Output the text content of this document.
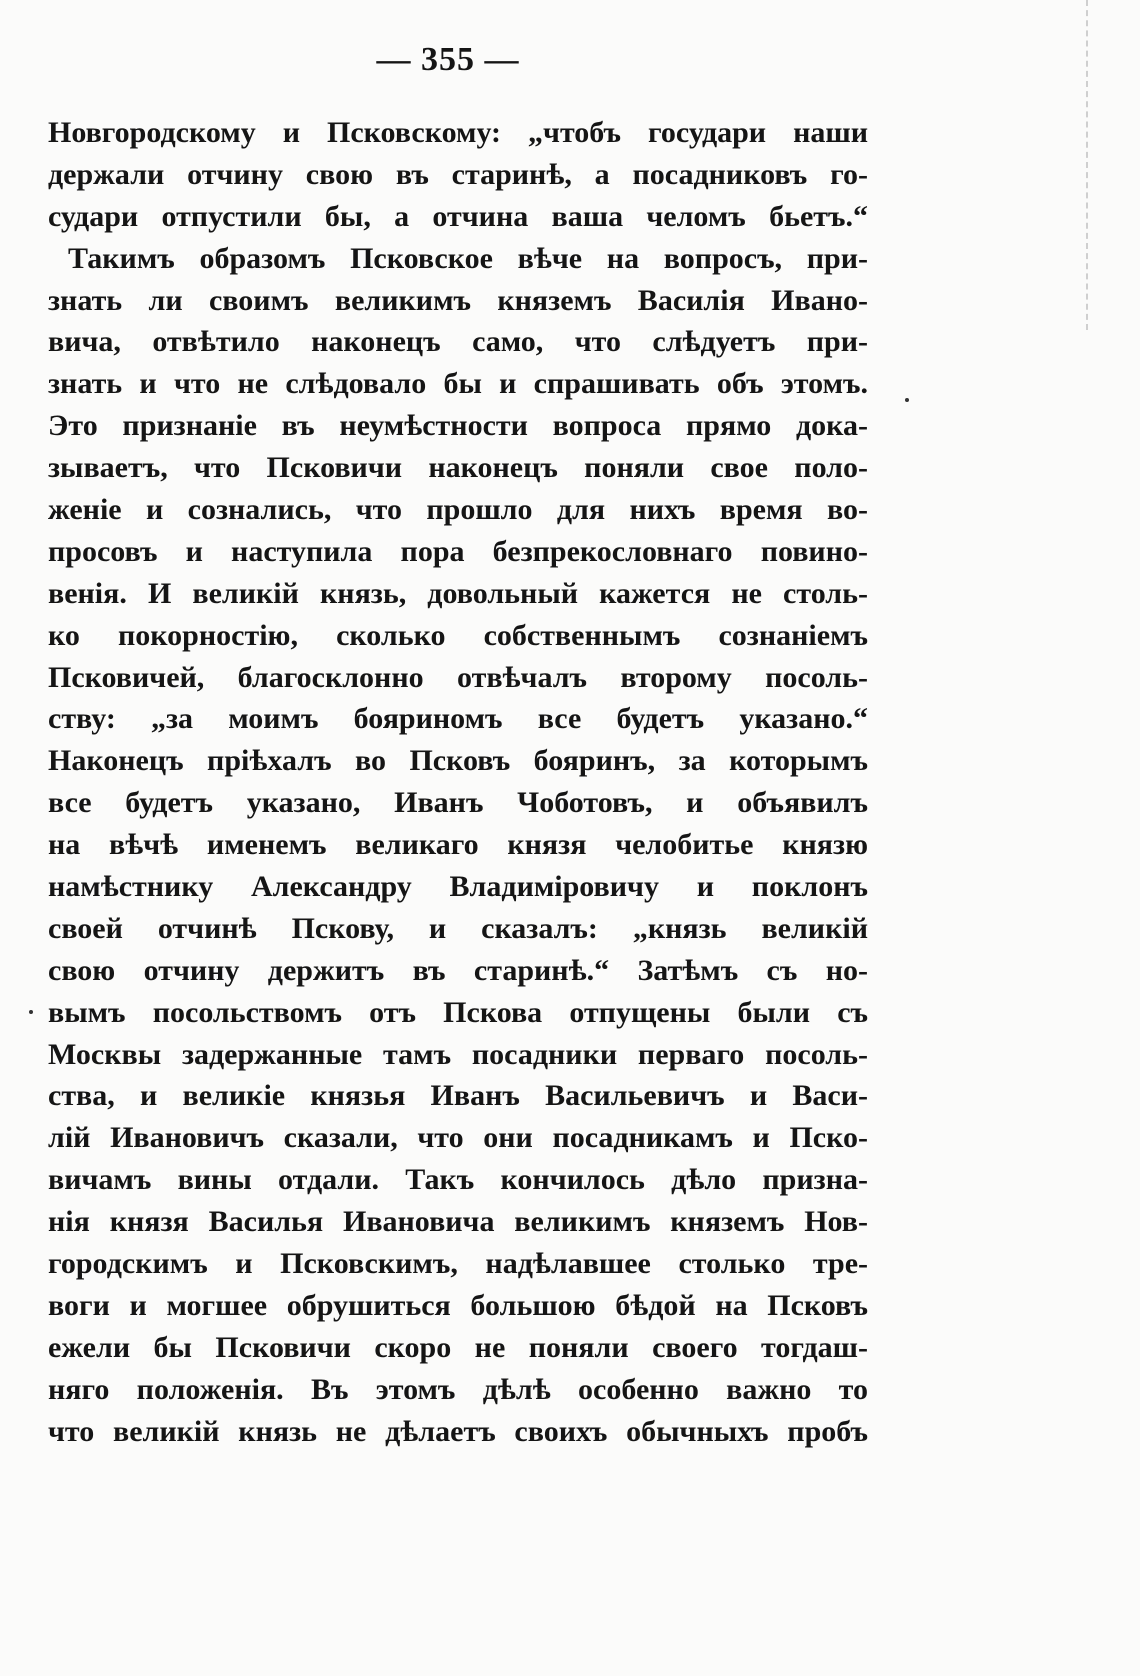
— 355 —
Новгородскому и Псковскому: „чтобъ государи наши
держали отчину свою въ старинѣ, а посадниковъ го-
судари отпустили бы, а отчина ваша челомъ бьетъ.“
Такимъ образомъ Псковское вѣче на вопросъ, при-
знать ли своимъ великимъ княземъ Василія Ивано-
вича, отвѣтило наконецъ само, что слѣдуетъ при-
знать и что не слѣдовало бы и спрашивать объ этомъ.
Это признаніе въ неумѣстности вопроса прямо дока-
зываетъ, что Псковичи наконецъ поняли свое поло-
женіе и сознались, что прошло для нихъ время во-
просовъ и наступила пора безпрекословнаго повино-
венія. И великій князь, довольный кажется не столь-
ко покорностію, сколько собственнымъ сознаніемъ
Псковичей, благосклонно отвѣчалъ второму посоль-
ству: „за моимъ бояриномъ все будетъ указано.“
Наконецъ пріѣхалъ во Псковъ бояринъ, за которымъ
все будетъ указано, Иванъ Чоботовъ, и объявилъ
на вѣчѣ именемъ великаго князя челобитье князю
намѣстнику Александру Владиміровичу и поклонъ
своей отчинѣ Пскову, и сказалъ: „князь великій
свою отчину держитъ въ старинѣ.“ Затѣмъ съ но-
вымъ посольствомъ отъ Пскова отпущены были съ
Москвы задержанные тамъ посадники перваго посоль-
ства, и великіе князья Иванъ Васильевичъ и Васи-
лій Ивановичъ сказали, что они посадникамъ и Пско-
вичамъ вины отдали. Такъ кончилось дѣло призна-
нія князя Василья Ивановича великимъ княземъ Нов-
городскимъ и Псковскимъ, надѣлавшее столько тре-
воги и могшее обрушиться большою бѣдой на Псковъ
ежели бы Псковичи скоро не поняли своего тогдаш-
няго положенія. Въ этомъ дѣлѣ особенно важно то
что великій князь не дѣлаетъ своихъ обычныхъ пробъ
